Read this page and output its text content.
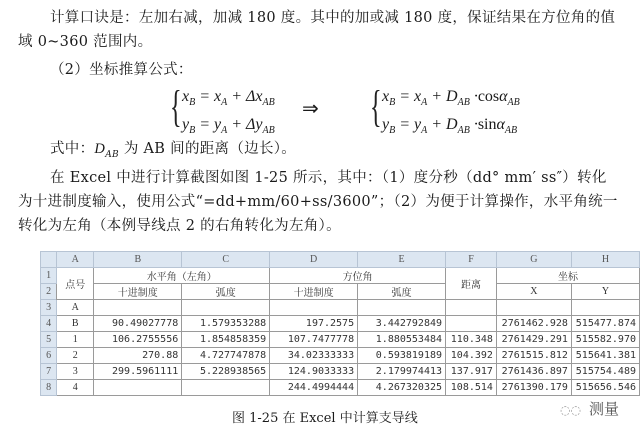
计算口诀是：左加右减，加减 180 度。其中的加或减 180 度，保证结果在方位角的值
域 0~360 范围内。
（2）坐标推算公式：
{ $x_B = x_A + \Delta x_{AB}$
$y_B = y_A + \Delta y_{AB}$
⇒ { $x_B = x_A + D_{AB} \cdot\cos\alpha_{AB}$
$y_B = y_A + D_{AB} \cdot\sin\alpha_{AB}$
式中：$D_{AB}$ 为 AB 间的距离（边长）。
在 Excel 中进行计算截图如图 1-25 所示，其中：（1）度分秒（dd° mm′ ss″）转化
为十进制度输入，使用公式“=dd+mm/60+ss/3600”；（2）为便于计算操作，水平角统一
转化为左角（本例导线点 2 的右角转化为左角）。
	A	B	C	D	E	F	G	H
1	点号	水平角（左角）		方位角		距离	坐标	
2		十进制度	弧度	十进制度	弧度		X	Y
3	A							
4	B	90.49027778	1.579353288	197.2575	3.442792849		2761462.928	515477.874
5	1	106.2755556	1.854858359	107.7477778	1.880553484	110.348	2761429.291	515582.970
6	2	270.88	4.727747878	34.02333333	0.593819189	104.392	2761515.812	515641.381
7	3	299.5961111	5.228938565	124.9033333	2.179974413	137.917	2761436.897	515754.489
8	4			244.4994444	4.267320325	108.514	2761390.179	515656.546
图 1-25 在 Excel 中计算支导线
◌◌ 测量
